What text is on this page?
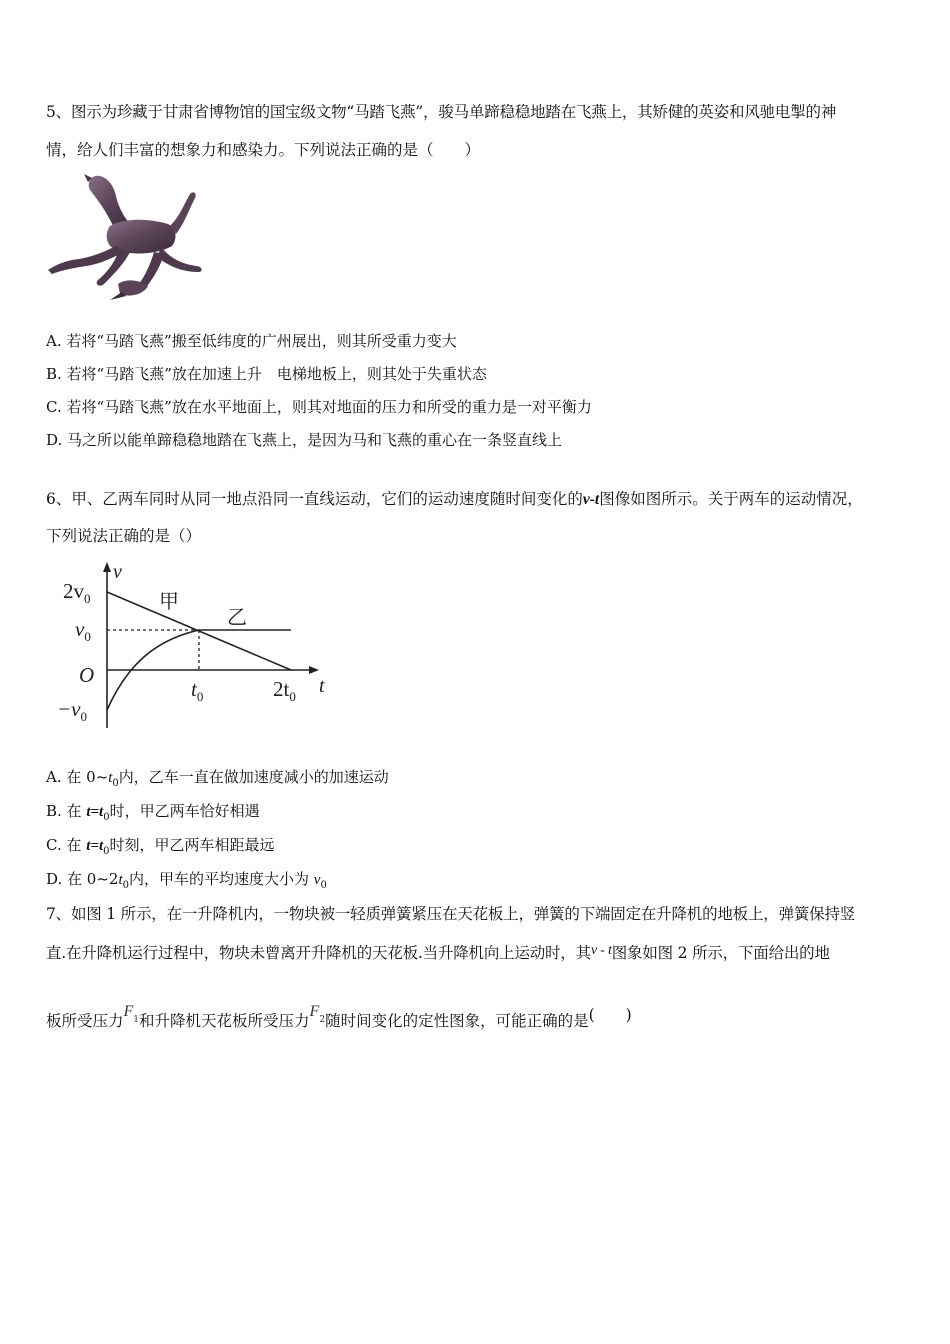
5、图示为珍藏于甘肃省博物馆的国宝级文物“马踏飞燕”，骏马单蹄稳稳地踏在飞燕上，其矫健的英姿和风驰电掣的神
情，给人们丰富的想象力和感染力。下列说法正确的是（　　）
A. 若将“马踏飞燕”搬至低纬度的广州展出，则其所受重力变大
B. 若将“马踏飞燕”放在加速上升　电梯地板上，则其处于失重状态
C. 若将“马踏飞燕”放在水平地面上，则其对地面的压力和所受的重力是一对平衡力
D. 马之所以能单蹄稳稳地踏在飞燕上，是因为马和飞燕的重心在一条竖直线上
6、甲、乙两车同时从同一地点沿同一直线运动，它们的运动速度随时间变化的v-t图像如图所示。关于两车的运动情况，
下列说法正确的是（）
v
$2v_0$
$v_0$
O
$-v_0$
$t_0$	$2t_0$ t
甲
乙
A. 在 $0\sim t_0$内，乙车一直在做加速度减小的加速运动
B. 在 $t=t_0$时，甲乙两车恰好相遇
C. 在 $t=t_0$时刻，甲乙两车相距最远
D. 在 $0\sim 2t_0$内，甲车的平均速度大小为 $v_0$
7、如图 1 所示，在一升降机内，一物块被一轻质弹簧紧压在天花板上，弹簧的下端固定在升降机的地板上，弹簧保持竖
直.在升降机运行过程中，物块未曾离开升降机的天花板.当升降机向上运动时，其v - t图象如图 2 所示，下面给出的地
板所受压力$F_1$和升降机天花板所受压力$F_2$随时间变化的定性图象，可能正确的是(　　)
